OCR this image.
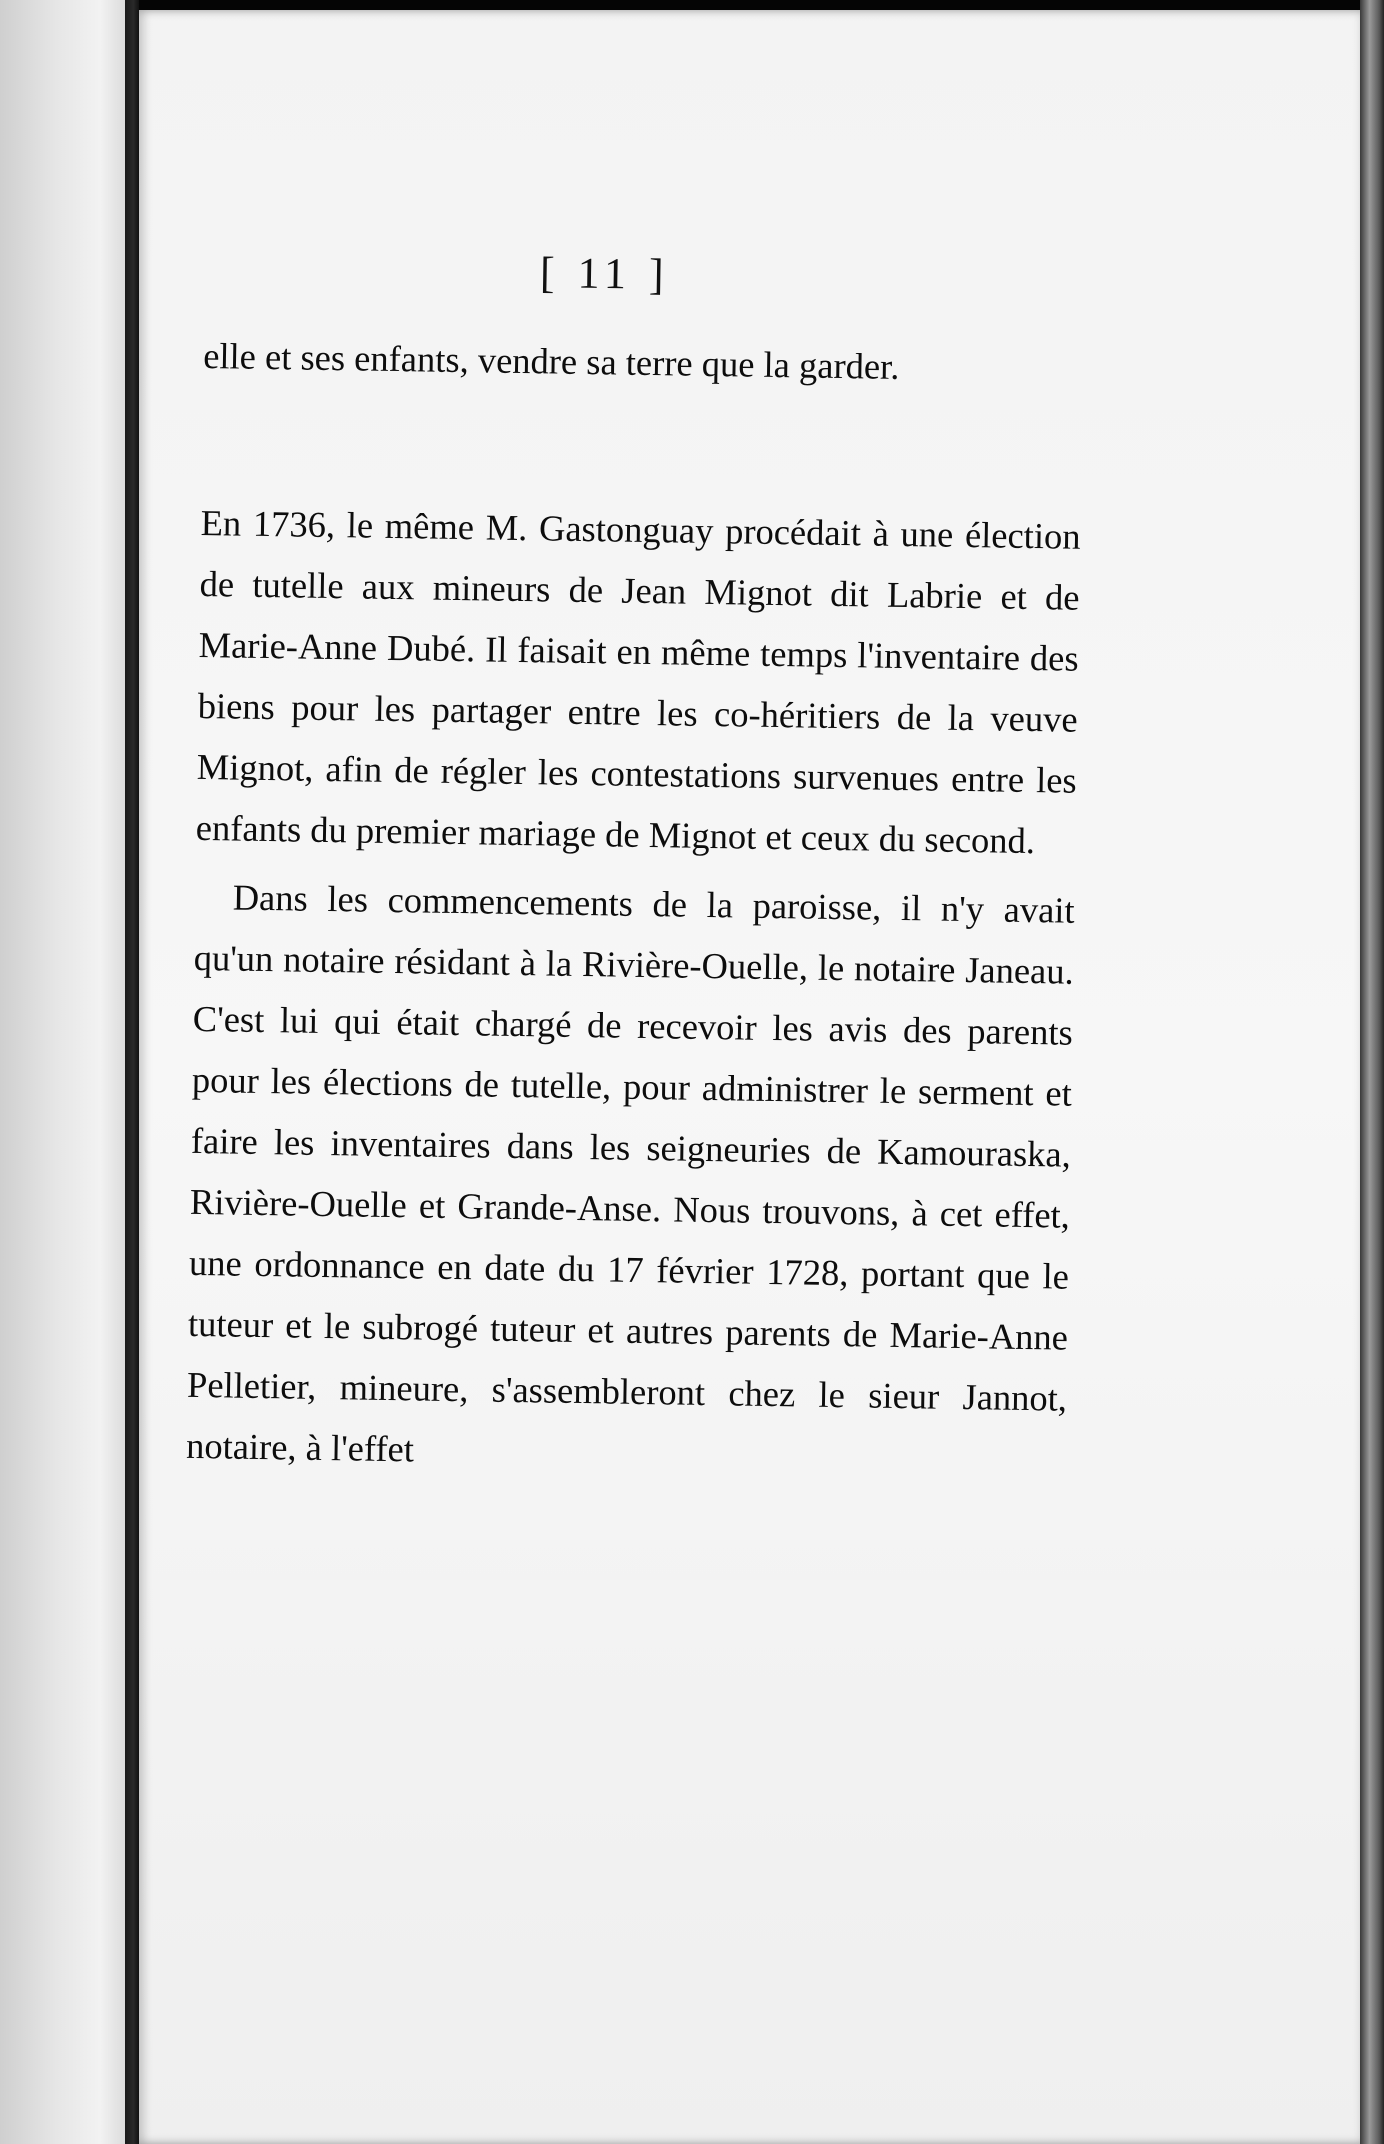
[ 11 ]

elle et ses enfants, vendre sa terre que la garder.

En 1736, le même M. Gastonguay procédait à une élection de tutelle aux mineurs de Jean Mignot dit Labrie et de Marie-Anne Dubé. Il faisait en même temps l'inventaire des biens pour les partager entre les co-héritiers de la veuve Mignot, afin de régler les contestations survenues entre les enfants du premier mariage de Mignot et ceux du second.

Dans les commencements de la paroisse, il n'y avait qu'un notaire résidant à la Rivière-Ouelle, le notaire Janeau. C'est lui qui était chargé de recevoir les avis des parents pour les élections de tutelle, pour administrer le serment et faire les inventaires dans les seigneuries de Kamouraska, Rivière-Ouelle et Grande-Anse. Nous trouvons, à cet effet, une ordonnance en date du 17 février 1728, portant que le tuteur et le subrogé tuteur et autres parents de Marie-Anne Pelletier, mineure, s'assembleront chez le sieur Jannot, notaire, à l'effet
